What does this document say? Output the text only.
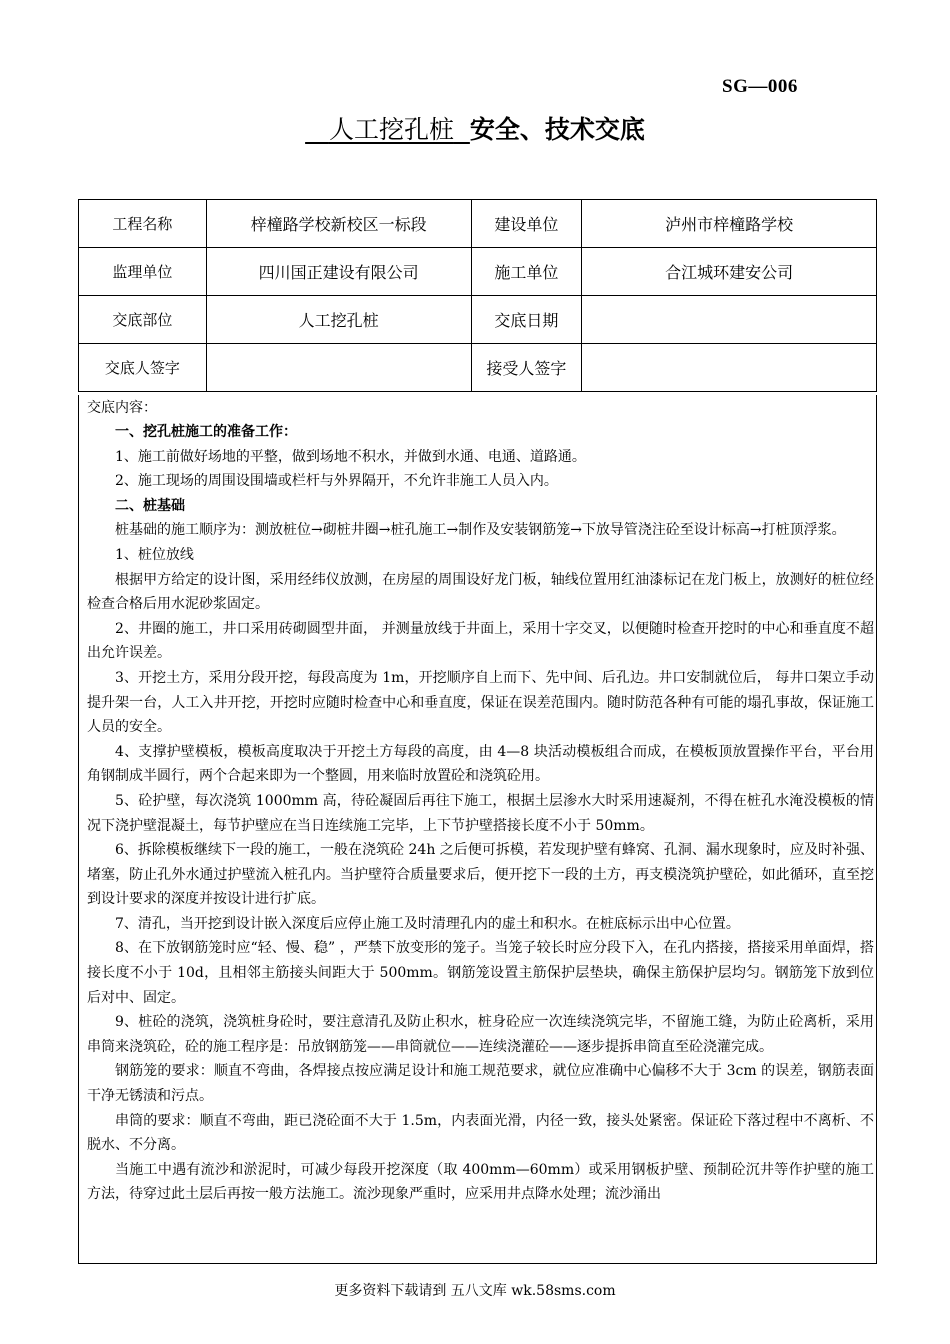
SG—006
人工挖孔桩 安全、技术交底
工程名称	梓橦路学校新校区一标段	建设单位	泸州市梓橦路学校
监理单位	四川国正建设有限公司	施工单位	合江城环建安公司
交底部位	人工挖孔桩	交底日期	
交底人签字		接受人签字	
交底内容：

一、挖孔桩施工的准备工作：

1、施工前做好场地的平整，做到场地不积水，并做到水通、电通、道路通。

2、施工现场的周围设围墙或栏杆与外界隔开，不允许非施工人员入内。

二、桩基础

桩基础的施工顺序为：测放桩位→砌桩井圈→桩孔施工→制作及安装钢筋笼→下放导管浇注砼至设计标高→打桩顶浮浆。

1、桩位放线

根据甲方给定的设计图，采用经纬仪放测，在房屋的周围设好龙门板，轴线位置用红油漆标记在龙门板上，放测好的桩位经检查合格后用水泥砂浆固定。

2、井圈的施工，井口采用砖砌圆型井面， 并测量放线于井面上，采用十字交叉，以便随时检查开挖时的中心和垂直度不超出允许误差。

3、开挖土方，采用分段开挖，每段高度为 1m，开挖顺序自上而下、先中间、后孔边。井口安制就位后， 每井口架立手动提升架一台，人工入井开挖，开挖时应随时检查中心和垂直度，保证在误差范围内。随时防范各种有可能的塌孔事故，保证施工人员的安全。

4、支撑护壁模板，模板高度取决于开挖土方每段的高度，由 4—8 块活动模板组合而成，在模板顶放置操作平台，平台用角钢制成半圆行，两个合起来即为一个整圆，用来临时放置砼和浇筑砼用。

5、砼护壁，每次浇筑 1000mm 高，待砼凝固后再往下施工，根据土层渗水大时采用速凝剂，不得在桩孔水淹没模板的情况下浇护壁混凝土，每节护壁应在当日连续施工完毕，上下节护壁搭接长度不小于 50mm。

6、拆除模板继续下一段的施工，一般在浇筑砼 24h 之后便可拆模，若发现护壁有蜂窝、孔洞、漏水现象时，应及时补强、堵塞，防止孔外水通过护壁流入桩孔内。当护壁符合质量要求后，便开挖下一段的土方，再支模浇筑护壁砼，如此循环，直至挖到设计要求的深度并按设计进行扩底。

7、清孔，当开挖到设计嵌入深度后应停止施工及时清理孔内的虚土和积水。在桩底标示出中心位置。

8、在下放钢筋笼时应“轻、慢、稳” ，严禁下放变形的笼子。当笼子较长时应分段下入，在孔内搭接，搭接采用单面焊，搭接长度不小于 10d，且相邻主筋接头间距大于 500mm。钢筋笼设置主筋保护层垫块，确保主筋保护层均匀。钢筋笼下放到位后对中、固定。

9、桩砼的浇筑，浇筑桩身砼时，要注意清孔及防止积水，桩身砼应一次连续浇筑完毕，不留施工缝，为防止砼离析，采用串筒来浇筑砼，砼的施工程序是：吊放钢筋笼——串筒就位——连续浇灌砼——逐步提拆串筒直至砼浇灌完成。

钢筋笼的要求：顺直不弯曲，各焊接点按应满足设计和施工规范要求，就位应准确中心偏移不大于 3cm 的误差，钢筋表面干净无锈渍和污点。

串筒的要求：顺直不弯曲，距已浇砼面不大于 1.5m，内表面光滑，内径一致，接头处紧密。保证砼下落过程中不离析、不脱水、不分离。

当施工中遇有流沙和淤泥时，可减少每段开挖深度（取 400mm—60mm）或采用钢板护壁、预制砼沉井等作护壁的施工方法，待穿过此土层后再按一般方法施工。流沙现象严重时，应采用井点降水处理；流沙涌出

更多资料下载请到 五八文库 wk.58sms.com
